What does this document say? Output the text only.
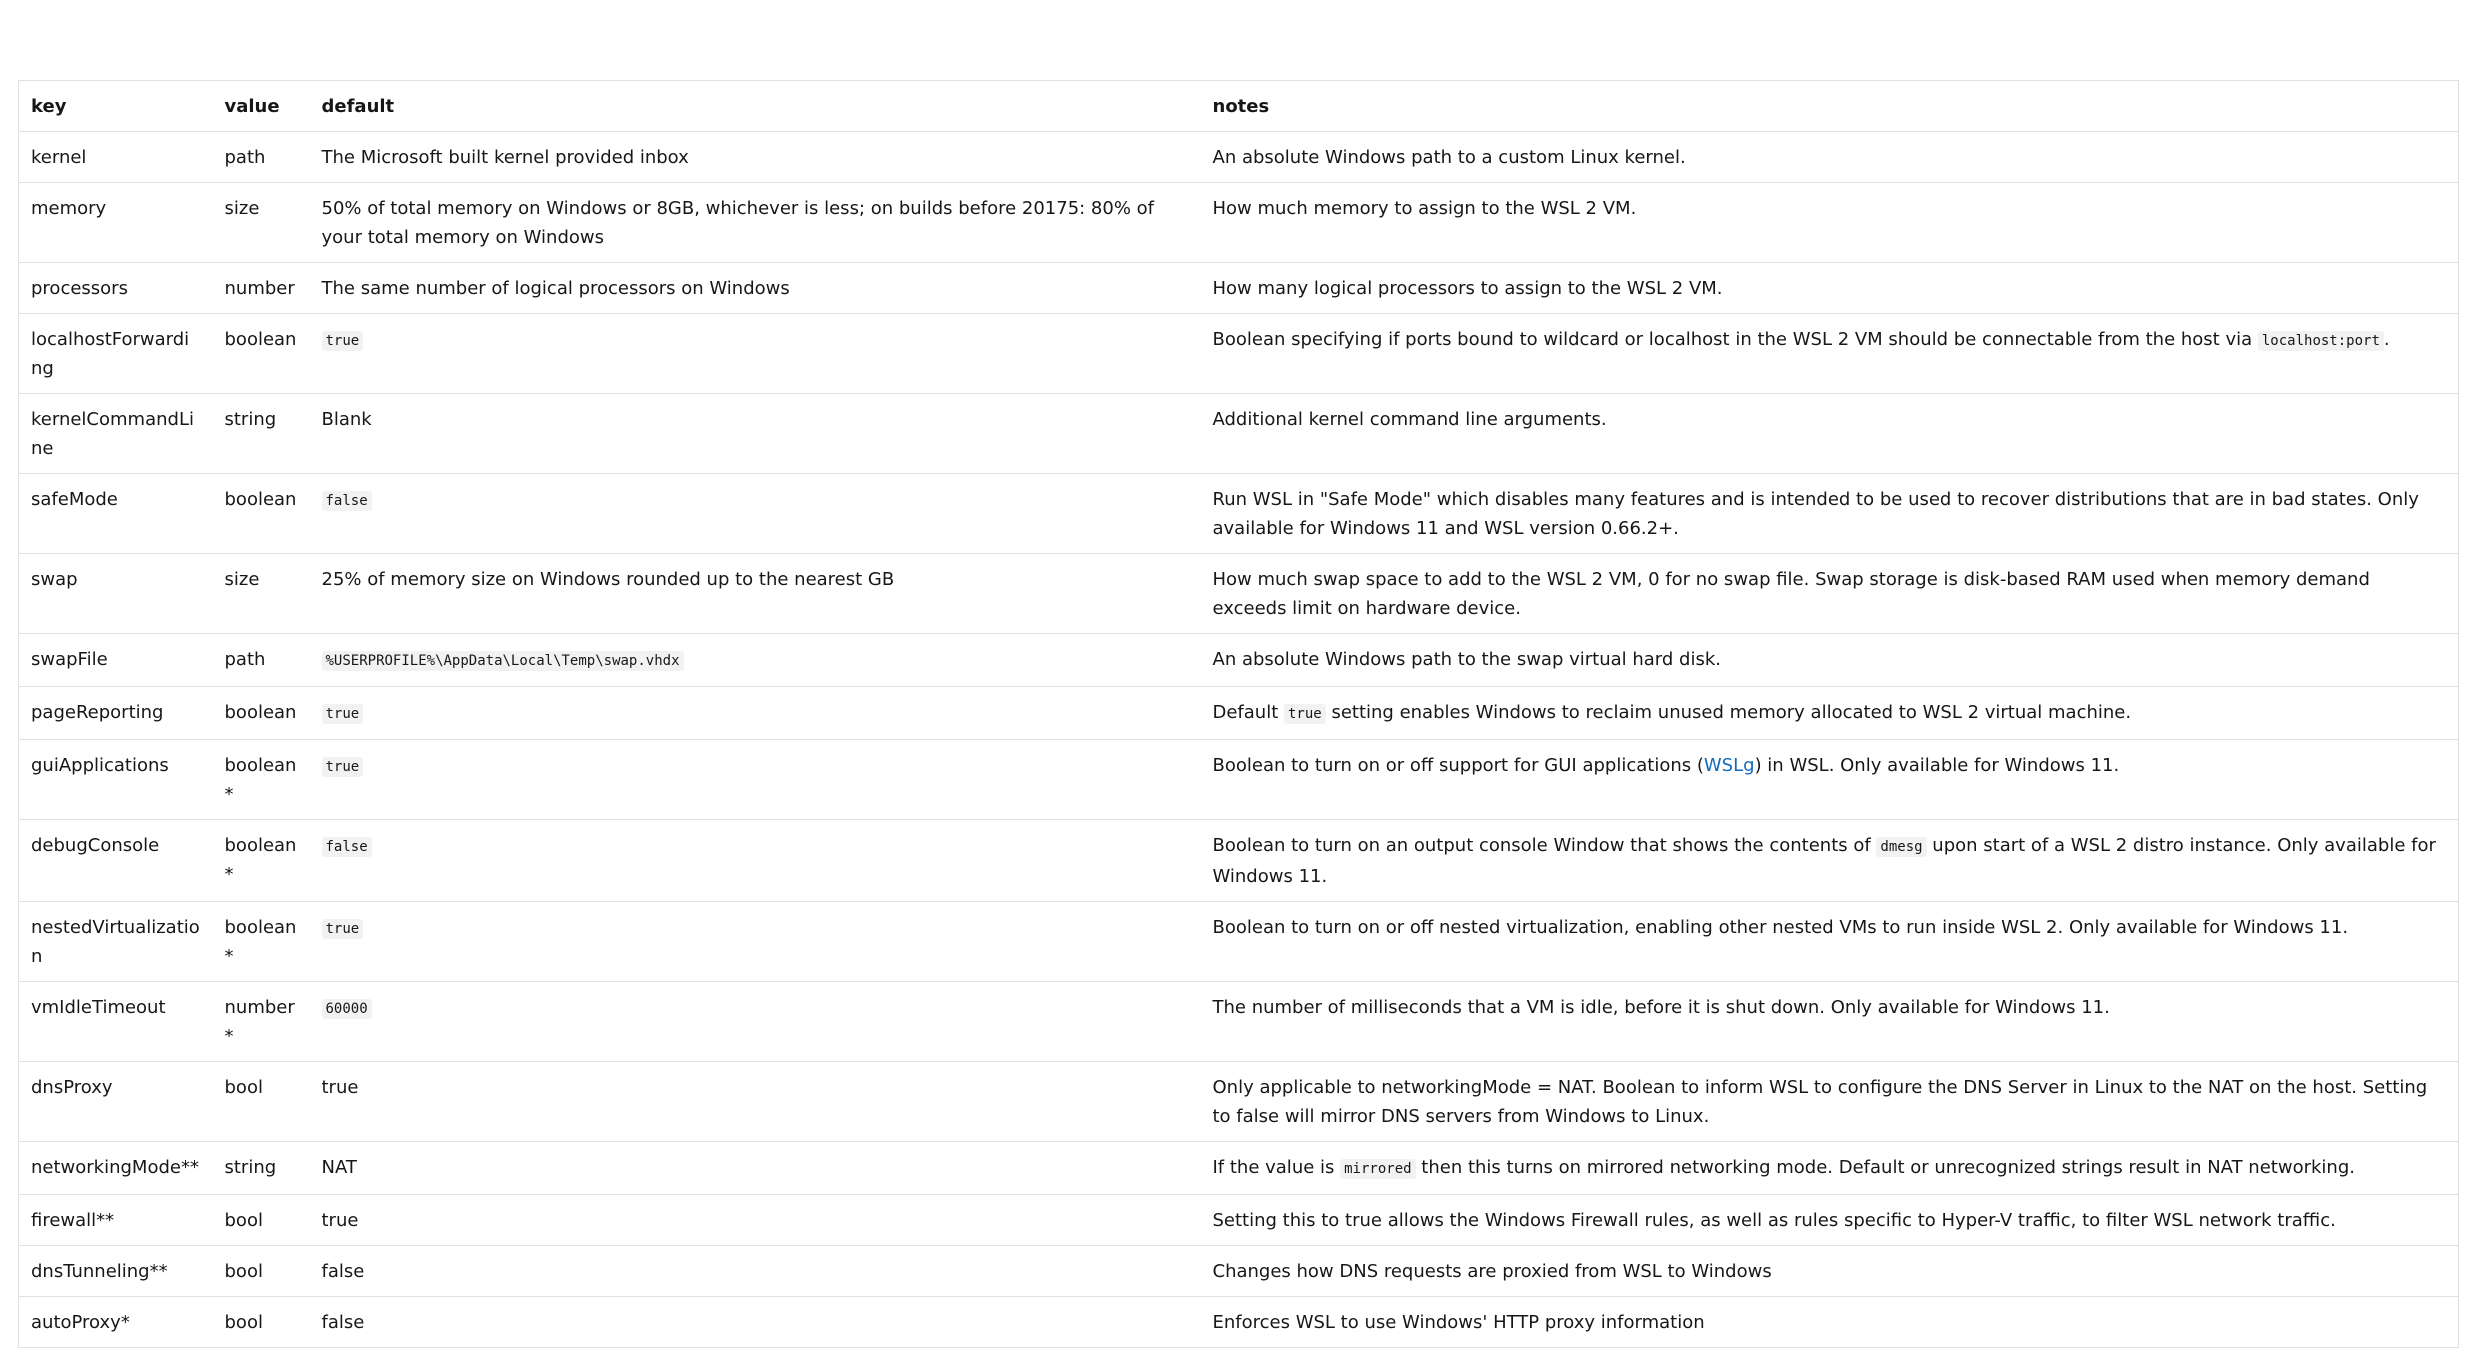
key	value	default	notes
kernel	path	The Microsoft built kernel provided inbox	An absolute Windows path to a custom Linux kernel.
memory	size	50% of total memory on Windows or 8GB, whichever is less; on builds before 20175: 80% of your total memory on Windows	How much memory to assign to the WSL 2 VM.
processors	number	The same number of logical processors on Windows	How many logical processors to assign to the WSL 2 VM.
localhostForwarding	boolean	true	Boolean specifying if ports bound to wildcard or localhost in the WSL 2 VM should be connectable from the host via localhost:port .
kernelCommandLine	string	Blank	Additional kernel command line arguments.
safeMode	boolean	false	Run WSL in "Safe Mode" which disables many features and is intended to be used to recover distributions that are in bad states. Only available for Windows 11 and WSL version 0.66.2+.
swap	size	25% of memory size on Windows rounded up to the nearest GB	How much swap space to add to the WSL 2 VM, 0 for no swap file. Swap storage is disk-based RAM used when memory demand exceeds limit on hardware device.
swapFile	path	%USERPROFILE%\AppData\Local\Temp\swap.vhdx	An absolute Windows path to the swap virtual hard disk.
pageReporting	boolean	true	Default true setting enables Windows to reclaim unused memory allocated to WSL 2 virtual machine.
guiApplications	boolean*	true	Boolean to turn on or off support for GUI applications (WSLg) in WSL. Only available for Windows 11.
debugConsole	boolean*	false	Boolean to turn on an output console Window that shows the contents of dmesg upon start of a WSL 2 distro instance. Only available for Windows 11.
nestedVirtualization	boolean*	true	Boolean to turn on or off nested virtualization, enabling other nested VMs to run inside WSL 2. Only available for Windows 11.
vmIdleTimeout	number*	60000	The number of milliseconds that a VM is idle, before it is shut down. Only available for Windows 11.
dnsProxy	bool	true	Only applicable to networkingMode = NAT. Boolean to inform WSL to configure the DNS Server in Linux to the NAT on the host. Setting to false will mirror DNS servers from Windows to Linux.
networkingMode**	string	NAT	If the value is mirrored then this turns on mirrored networking mode. Default or unrecognized strings result in NAT networking.
firewall**	bool	true	Setting this to true allows the Windows Firewall rules, as well as rules specific to Hyper-V traffic, to filter WSL network traffic.
dnsTunneling**	bool	false	Changes how DNS requests are proxied from WSL to Windows
autoProxy*	bool	false	Enforces WSL to use Windows' HTTP proxy information
